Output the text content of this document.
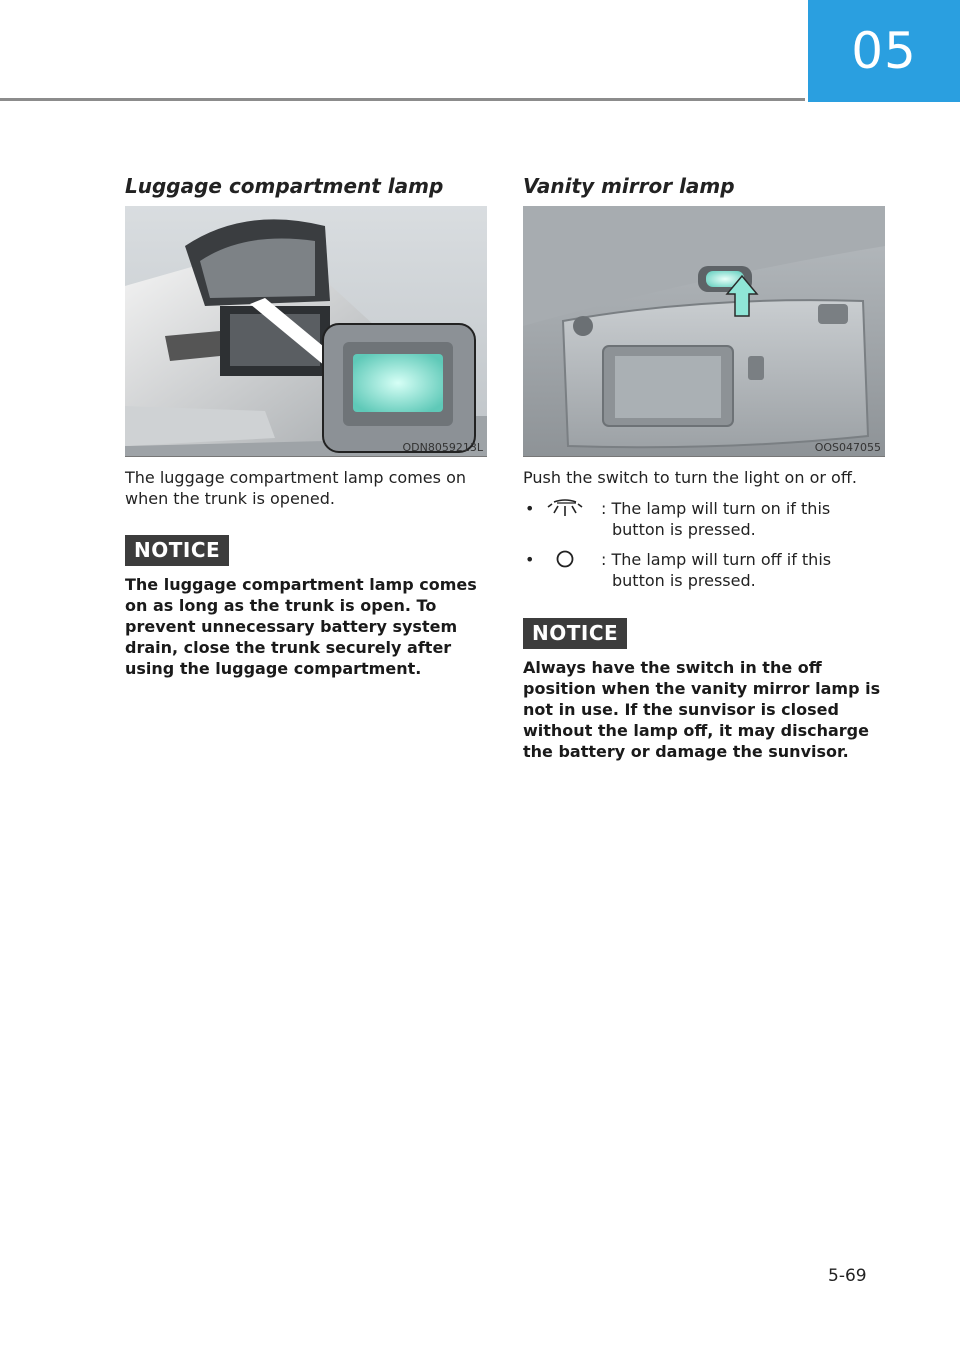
05
Luggage compartment lamp
ODN8059213L

The luggage compartment lamp comes on when the trunk is opened.

NOTICE

The luggage compartment lamp comes on as long as the trunk is open. To prevent unnecessary battery system drain, close the trunk securely after using the luggage compartment.

Vanity mirror lamp
OOS047055

Push the switch to turn the light on or off.

•	: The lamp will turn on if this button is pressed.
•	: The lamp will turn off if this button is pressed.
NOTICE

Always have the switch in the off position when the vanity mirror lamp is not in use. If the sunvisor is closed without the lamp off, it may discharge the battery or damage the sunvisor.

5-69
